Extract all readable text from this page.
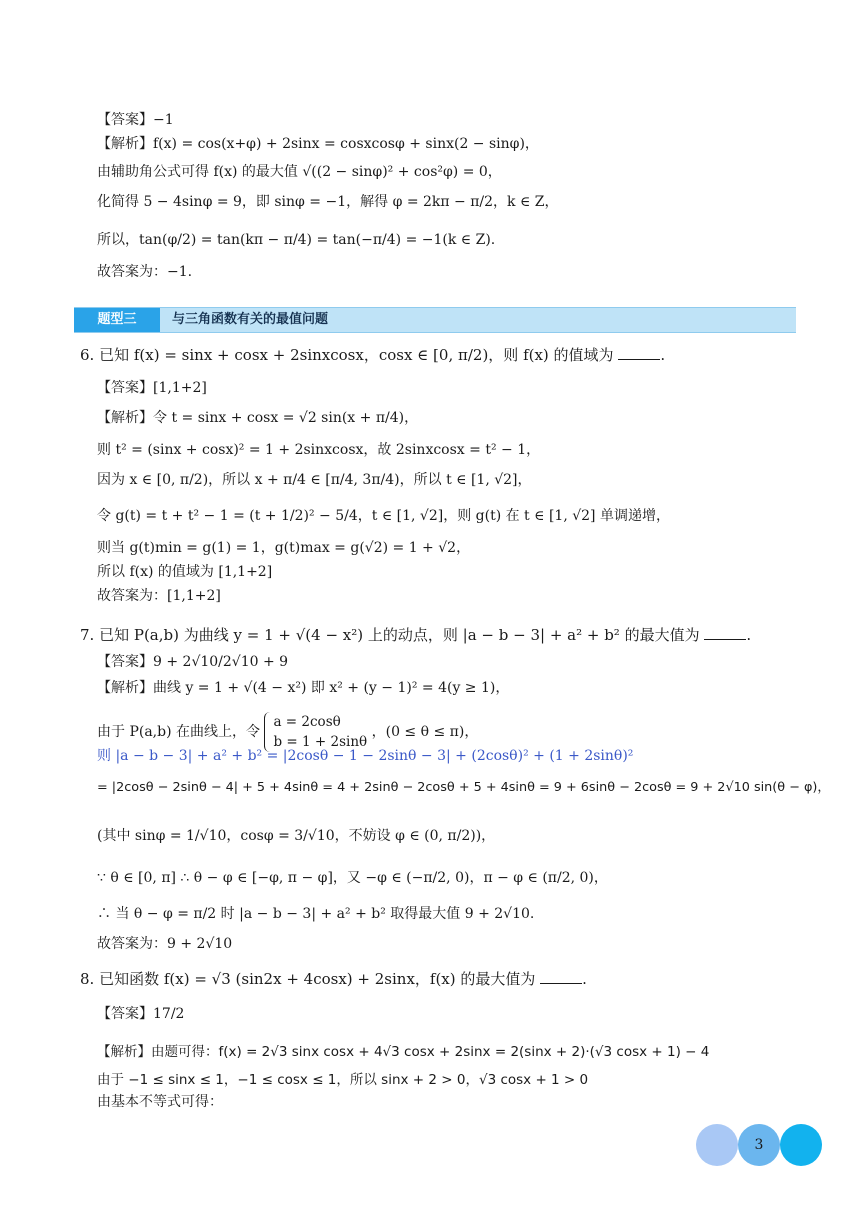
【答案】−1
【解析】f(x) = cos(x+φ) + 2sinx = cosxcosφ + sinx(2 − sinφ)，
由辅助角公式可得 f(x) 的最大值 √((2 − sinφ)² + cos²φ) = 0，
化简得 5 − 4sinφ = 9，即 sinφ = −1，解得 φ = 2kπ − π/2，k ∈ Z，
所以，tan(φ/2) = tan(kπ − π/4) = tan(−π/4) = −1(k ∈ Z).
故答案为：−1.
题型三	与三角函数有关的最值问题
6. 已知 f(x) = sinx + cosx + 2sinxcosx，cosx ∈ [0, π/2)，则 f(x) 的值域为	.
【答案】[1,1+2]
【解析】令 t = sinx + cosx = √2 sin(x + π/4)，
则 t² = (sinx + cosx)² = 1 + 2sinxcosx，故 2sinxcosx = t² − 1，
因为 x ∈ [0, π/2)，所以 x + π/4 ∈ [π/4, 3π/4)，所以 t ∈ [1, √2]，
令 g(t) = t + t² − 1 = (t + 1/2)² − 5/4，t ∈ [1, √2]，则 g(t) 在 t ∈ [1, √2] 单调递增，
则当 g(t)min = g(1) = 1，g(t)max = g(√2) = 1 + √2，
所以 f(x) 的值域为 [1,1+2]
故答案为：[1,1+2]
7. 已知 P(a,b) 为曲线 y = 1 + √(4 − x²) 上的动点，则 |a − b − 3| + a² + b² 的最大值为	.
【答案】9 + 2√10/2√10 + 9
【解析】曲线 y = 1 + √(4 − x²) 即 x² + (y − 1)² = 4(y ≥ 1)，
由于 P(a,b) 在曲线上，令
a = 2cosθ
b = 1 + 2sinθ
，(0 ≤ θ ≤ π)，
则 |a − b − 3| + a² + b² = |2cosθ − 1 − 2sinθ − 3| + (2cosθ)² + (1 + 2sinθ)²
= |2cosθ − 2sinθ − 4| + 5 + 4sinθ = 4 + 2sinθ − 2cosθ + 5 + 4sinθ = 9 + 6sinθ − 2cosθ = 9 + 2√10 sin(θ − φ)，
(其中 sinφ = 1/√10，cosφ = 3/√10，不妨设 φ ∈ (0, π/2))，
∵ θ ∈ [0, π] ∴ θ − φ ∈ [−φ, π − φ]，又 −φ ∈ (−π/2, 0)，π − φ ∈ (π/2, 0)，
∴ 当 θ − φ = π/2 时 |a − b − 3| + a² + b² 取得最大值 9 + 2√10.
故答案为：9 + 2√10
8. 已知函数 f(x) = √3 (sin2x + 4cosx) + 2sinx，f(x) 的最大值为	.
【答案】17/2
【解析】由题可得：f(x) = 2√3 sinx cosx + 4√3 cosx + 2sinx = 2(sinx + 2)·(√3 cosx + 1) − 4
由于 −1 ≤ sinx ≤ 1，−1 ≤ cosx ≤ 1，所以 sinx + 2 > 0，√3 cosx + 1 > 0
由基本不等式可得：
3
